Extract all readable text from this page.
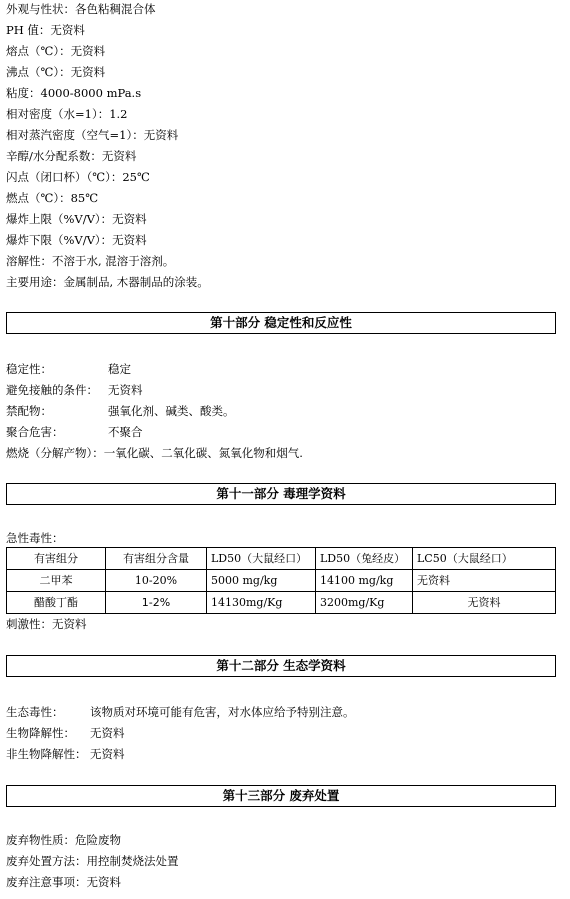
外观与性状：各色粘稠混合体
PH 值：无资料
熔点（℃）：无资料
沸点（℃）：无资料
粘度：4000-8000 mPa.s
相对密度（水=1）：1.2
相对蒸汽密度（空气=1）：无资料
辛醇/水分配系数：无资料
闪点（闭口杯）（℃）：25℃
燃点（℃）：85℃
爆炸上限（%V/V）：无资料
爆炸下限（%V/V）：无资料
溶解性：不溶于水, 混溶于溶剂。
主要用途：金属制品, 木器制品的涂装。
第十部分 稳定性和反应性
稳定性：	稳定
避免接触的条件： 无资料
禁配物：	强氧化剂、碱类、酸类。
聚合危害：	不聚合
燃烧（分解产物）：一氧化碳、二氧化碳、氮氧化物和烟气.
第十一部分 毒理学资料
急性毒性：
有害组分	有害组分含量	LD50（大鼠经口）	LD50（兔经皮）	LC50（大鼠经口）
二甲苯	10-20%	5000 mg/kg	14100 mg/kg	无资料
醋酸丁酯	1-2%	14130mg/Kg	3200mg/Kg	无资料
刺激性：无资料
第十二部分 生态学资料
生态毒性： 该物质对环境可能有危害，对水体应给予特别注意。
生物降解性： 无资料
非生物降解性： 无资料
第十三部分 废弃处置
废弃物性质：危险废物
废弃处置方法：用控制焚烧法处置
废弃注意事项：无资料
